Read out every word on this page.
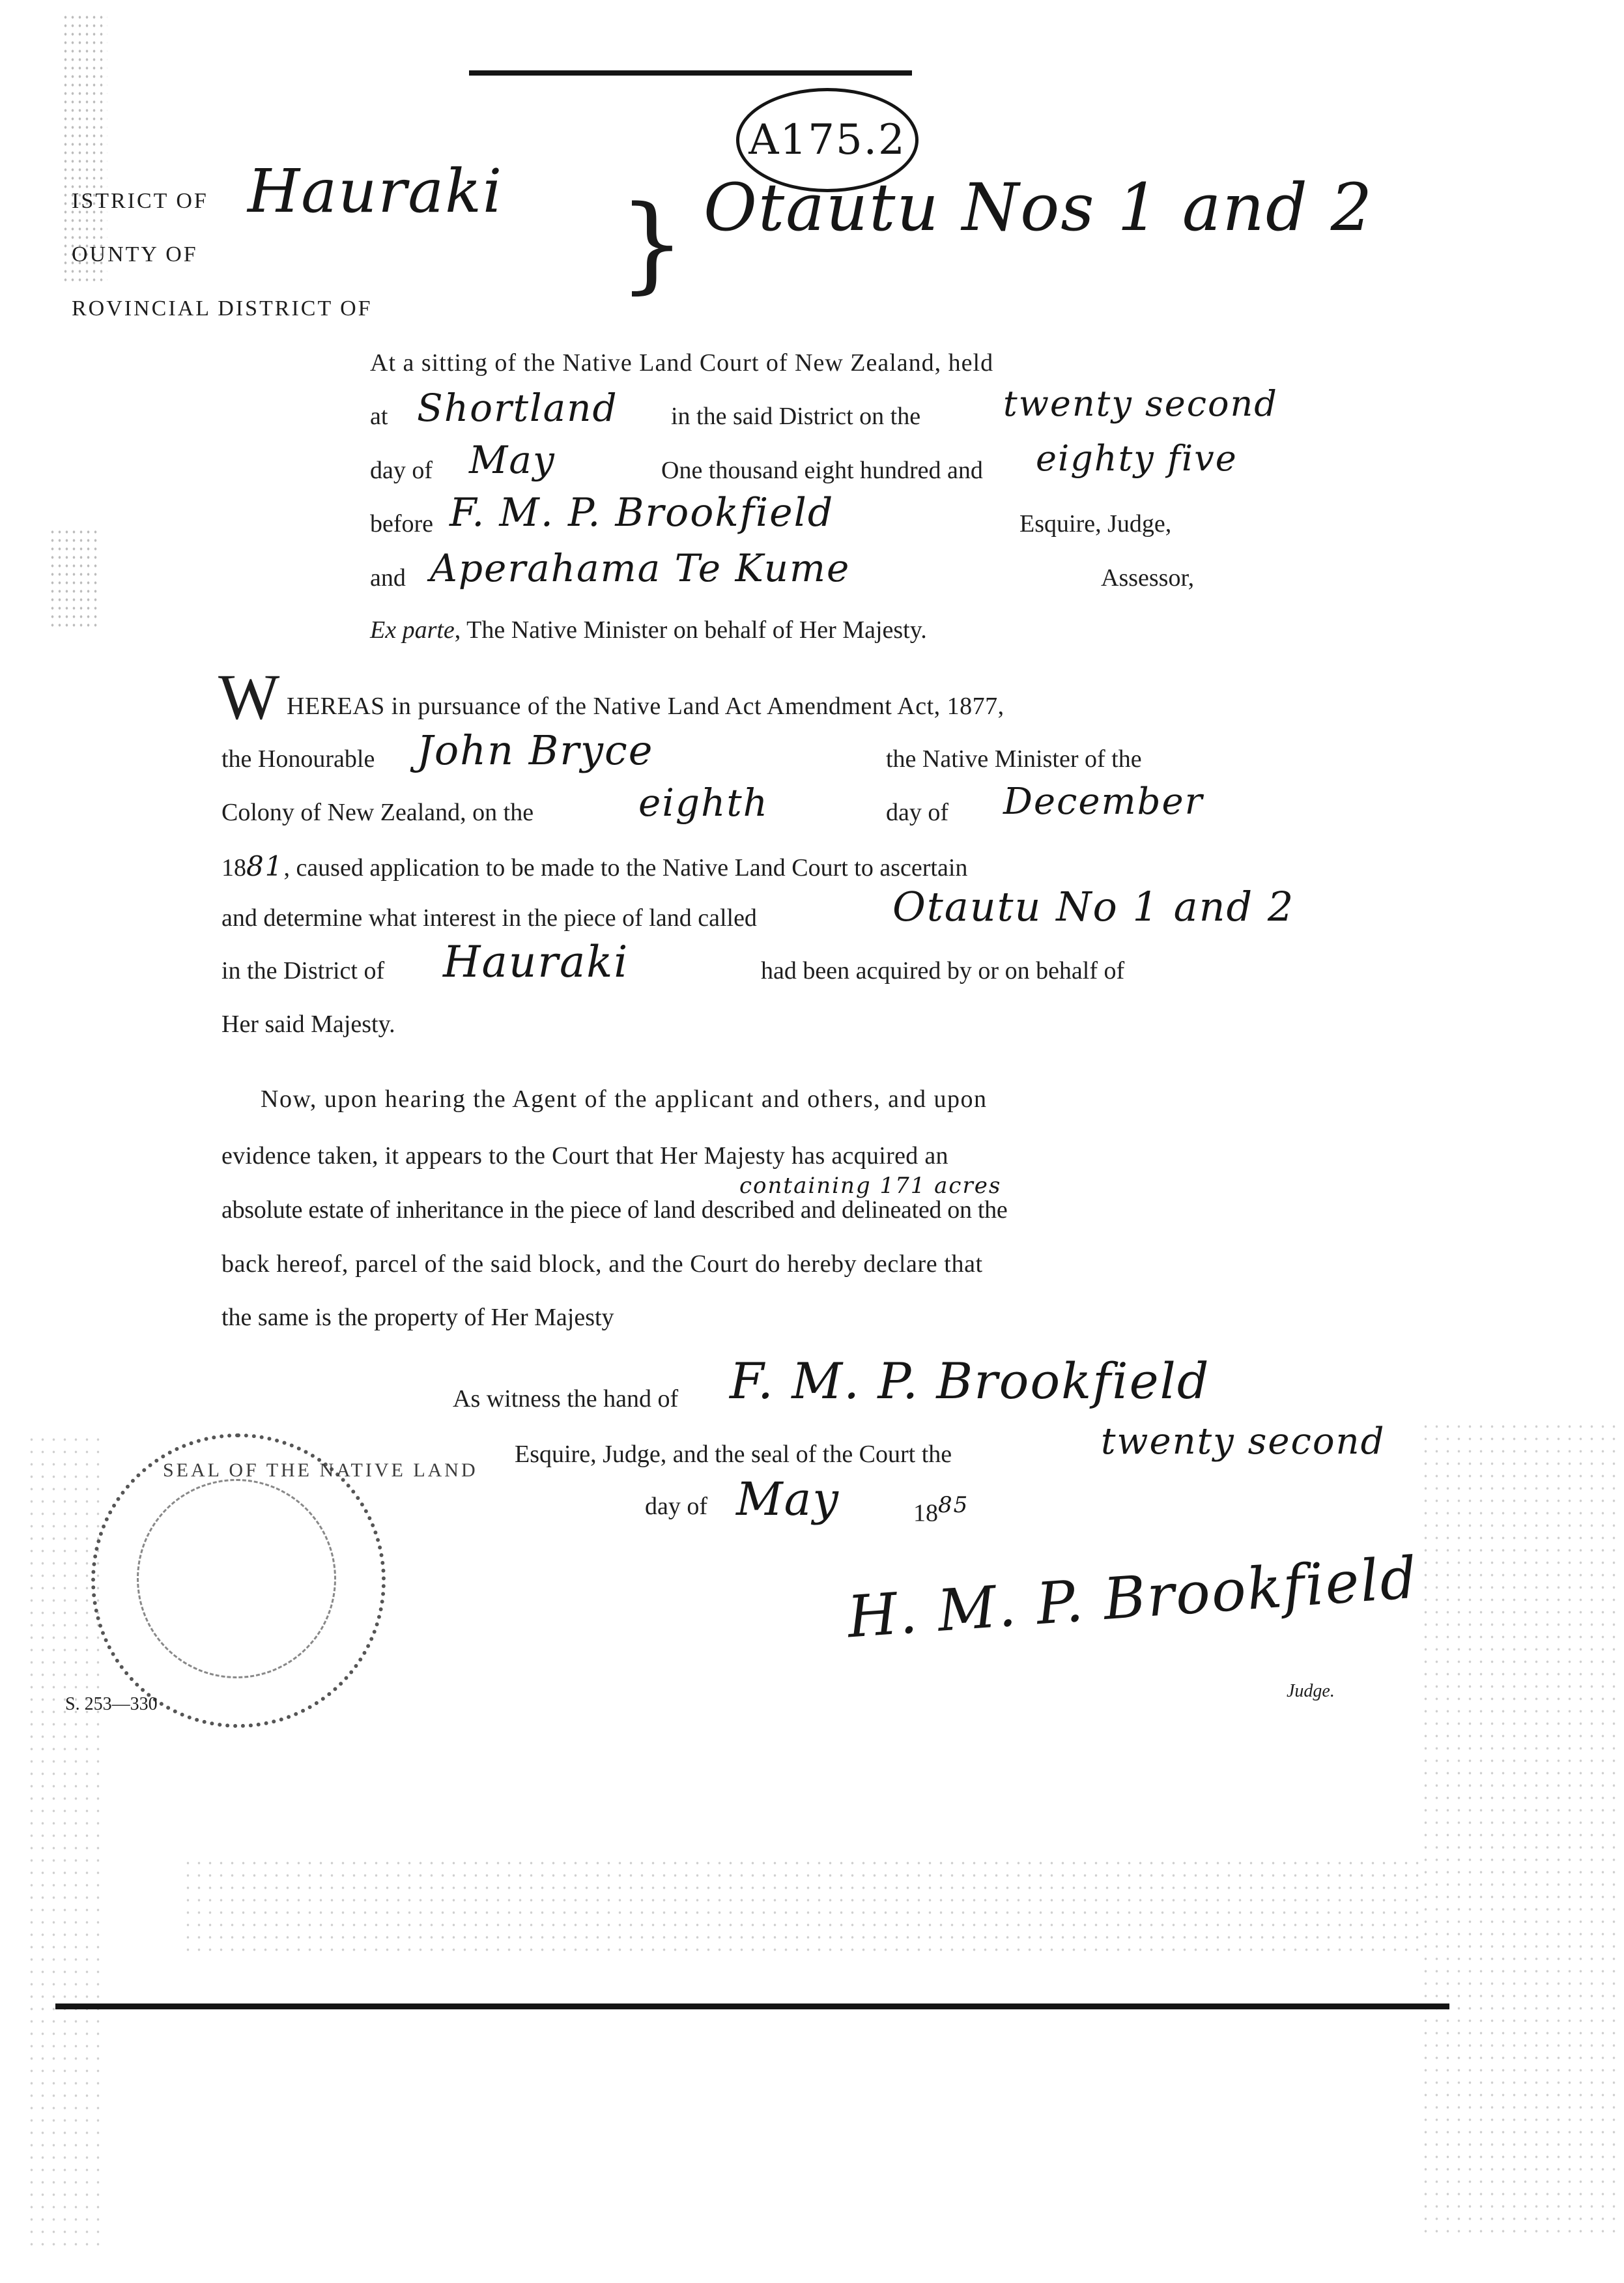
A175.2
ISTRICT OF Hauraki
OUNTY OF
ROVINCIAL DISTRICT OF
} Otautu Nos 1 and 2
At a sitting of the Native Land Court of New Zealand, held
at Shortland in the said District on the twenty second
day of May	One thousand eight hundred and eighty five
before F. M. P. Brookfield	Esquire, Judge,
and Aperahama Te Kume	Assessor,
Ex parte, The Native Minister on behalf of Her Majesty.
W HEREAS in pursuance of the Native Land Act Amendment Act, 1877,
the Honourable John Bryce	the Native Minister of the
Colony of New Zealand, on the	eighth	day of December
1881, caused application to be made to the Native Land Court to ascertain
and determine what interest in the piece of land called	Otautu No 1 and 2
in the District of Hauraki	had been acquired by or on behalf of
Her said Majesty.
Now, upon hearing the Agent of the applicant and others, and upon
evidence taken, it appears to the Court that Her Majesty has acquired an
containing 171 acres
absolute estate of inheritance in the piece of land described and delineated on the
back hereof, parcel of the said block, and the Court do hereby declare that
the same is the property of Her Majesty
As witness the hand of F. M. P. Brookfield
Esquire, Judge, and the seal of the Court the	twenty second
day of May	1885
H. M. P. Brookfield
Judge.
SEAL OF THE NATIVE LAND
S. 253—330
